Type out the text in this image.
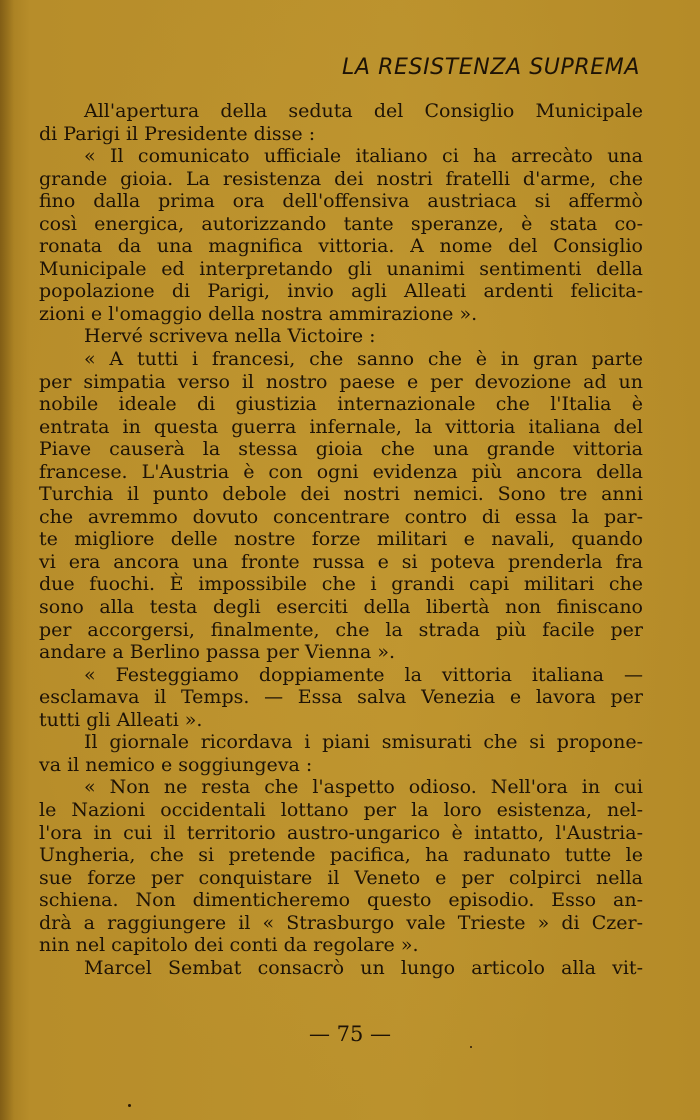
LA RESISTENZA SUPREMA
All'apertura della seduta del Consiglio Municipale
di Parigi il Presidente disse :
« Il comunicato ufficiale italiano ci ha arrecàto una
grande gioia. La resistenza dei nostri fratelli d'arme, che
fino dalla prima ora dell'offensiva austriaca si affermò
così energica, autorizzando tante speranze, è stata co-
ronata da una magnifica vittoria. A nome del Consiglio
Municipale ed interpretando gli unanimi sentimenti della
popolazione di Parigi, invio agli Alleati ardenti felicita-
zioni e l'omaggio della nostra ammirazione ».
Hervé scriveva nella Victoire :
« A tutti i francesi, che sanno che è in gran parte
per simpatia verso il nostro paese e per devozione ad un
nobile ideale di giustizia internazionale che l'Italia è
entrata in questa guerra infernale, la vittoria italiana del
Piave causerà la stessa gioia che una grande vittoria
francese. L'Austria è con ogni evidenza più ancora della
Turchia il punto debole dei nostri nemici. Sono tre anni
che avremmo dovuto concentrare contro di essa la par-
te migliore delle nostre forze militari e navali, quando
vi era ancora una fronte russa e si poteva prenderla fra
due fuochi. È impossibile che i grandi capi militari che
sono alla testa degli eserciti della libertà non finiscano
per accorgersi, finalmente, che la strada più facile per
andare a Berlino passa per Vienna ».
« Festeggiamo doppiamente la vittoria italiana —
esclamava il Temps. — Essa salva Venezia e lavora per
tutti gli Alleati ».
Il giornale ricordava i piani smisurati che si propone-
va il nemico e soggiungeva :
« Non ne resta che l'aspetto odioso. Nell'ora in cui
le Nazioni occidentali lottano per la loro esistenza, nel-
l'ora in cui il territorio austro-ungarico è intatto, l'Austria-
Ungheria, che si pretende pacifica, ha radunato tutte le
sue forze per conquistare il Veneto e per colpirci nella
schiena. Non dimenticheremo questo episodio. Esso an-
drà a raggiungere il « Strasburgo vale Trieste » di Czer-
nin nel capitolo dei conti da regolare ».
Marcel Sembat consacrò un lungo articolo alla vit-
— 75 —
